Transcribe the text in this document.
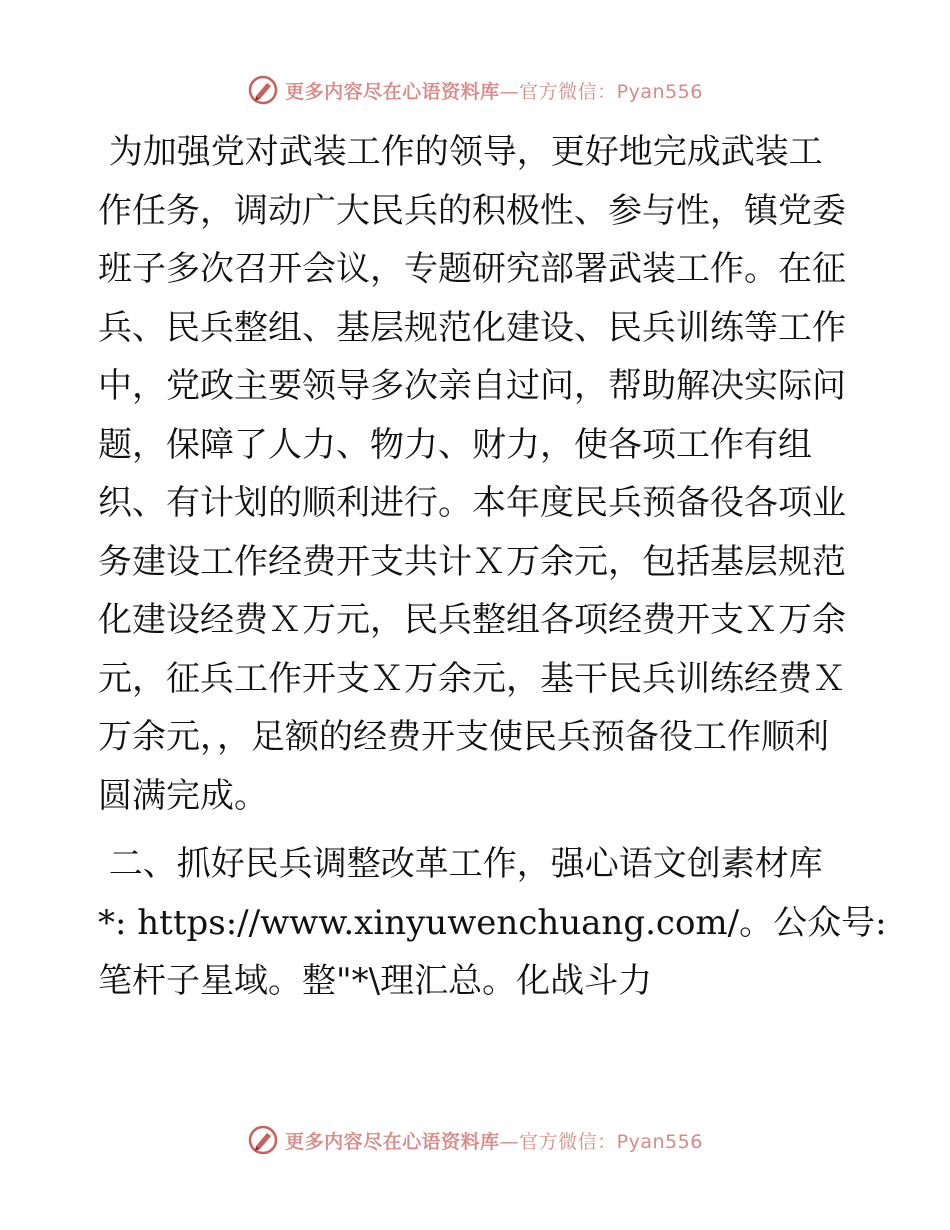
更多内容尽在心语资料库—官方微信：Pyan556
为加强党对武装工作的领导，更好地完成武装工
作任务，调动广大民兵的积极性、参与性，镇党委
班子多次召开会议，专题研究部署武装工作。在征
兵、民兵整组、基层规范化建设、民兵训练等工作
中，党政主要领导多次亲自过问，帮助解决实际问
题，保障了人力、物力、财力，使各项工作有组
织、有计划的顺利进行。本年度民兵预备役各项业
务建设工作经费开支共计Ｘ万余元，包括基层规范
化建设经费Ｘ万元，民兵整组各项经费开支Ｘ万余
元，征兵工作开支Ｘ万余元，基干民兵训练经费Ｘ
万余元，，足额的经费开支使民兵预备役工作顺利
圆满完成。
二、抓好民兵调整改革工作，强心语文创素材库
*: https://www.xinyuwenchuang.com/。公众号:
笔杆子星域。整"*\理汇总。化战斗力
更多内容尽在心语资料库—官方微信：Pyan556
